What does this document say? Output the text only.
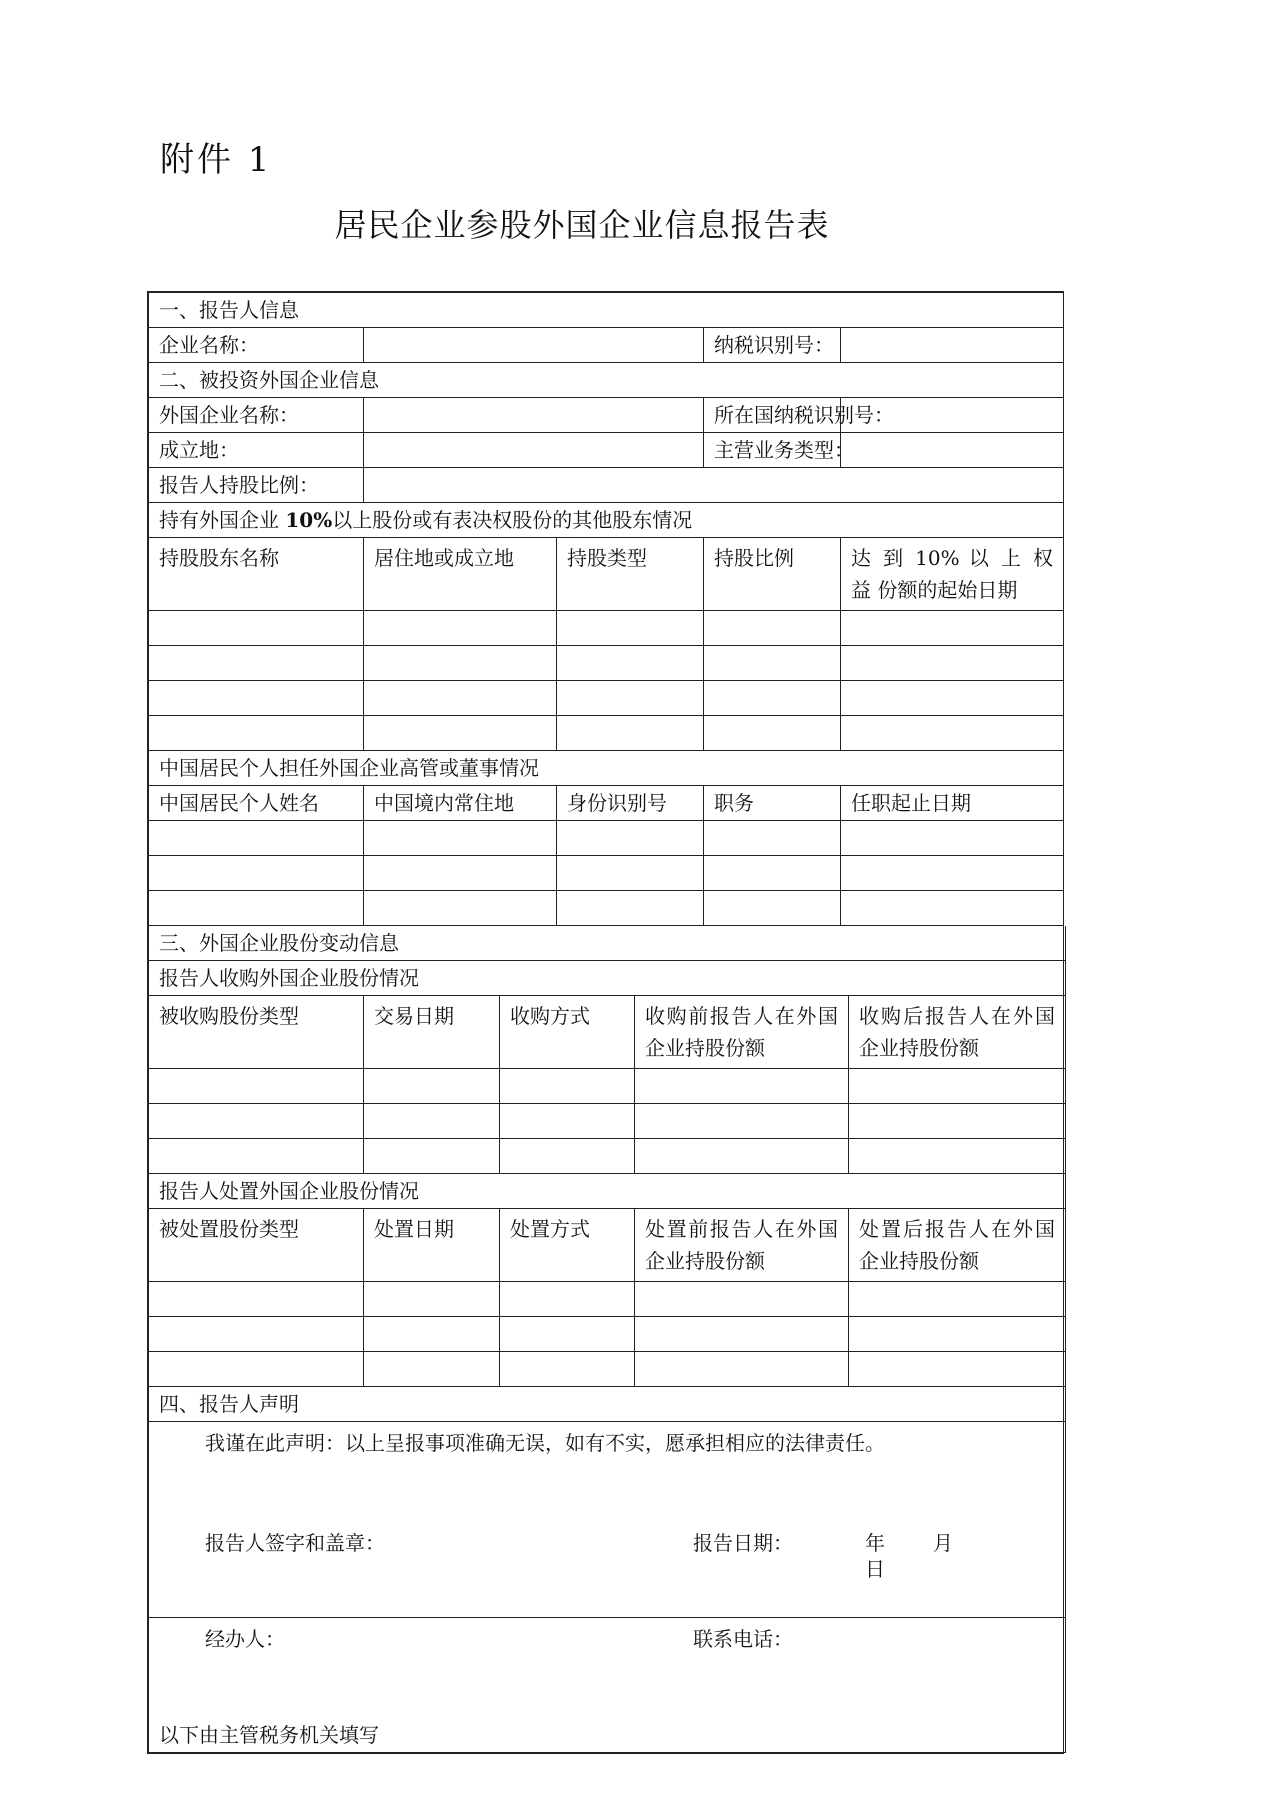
附件 1
居民企业参股外国企业信息报告表
一、报告人信息				
企业名称：			纳税识别号：	
二、被投资外国企业信息				
外国企业名称：			所在国纳税识别号：	
成立地：			主营业务类型：	
报告人持股比例：				
持有外国企业 10%以上股份或有表决权股份的其他股东情况				
持股股东名称	居住地或成立地	持股类型	持股比例	达 到 10% 以 上 权 益 份额的起始日期

中国居民个人担任外国企业高管或董事情况				
中国居民个人姓名	中国境内常住地	身份识别号	职务	任职起止日期

三、外国企业股份变动信息				
报告人收购外国企业股份情况				
被收购股份类型	交易日期	收购方式	收购前报告人在外国企业持股份额	收购后报告人在外国企业持股份额

报告人处置外国企业股份情况				
被处置股份类型	处置日期	处置方式	处置前报告人在外国企业持股份额	处置后报告人在外国企业持股份额

四、报告人声明				

我谨在此声明：以上呈报事项准确无误，如有不实，愿承担相应的法律责任。
报告人签字和盖章： 报告日期： 年 月日				

经办人： 联系电话：
以下由主管税务机关填写				
